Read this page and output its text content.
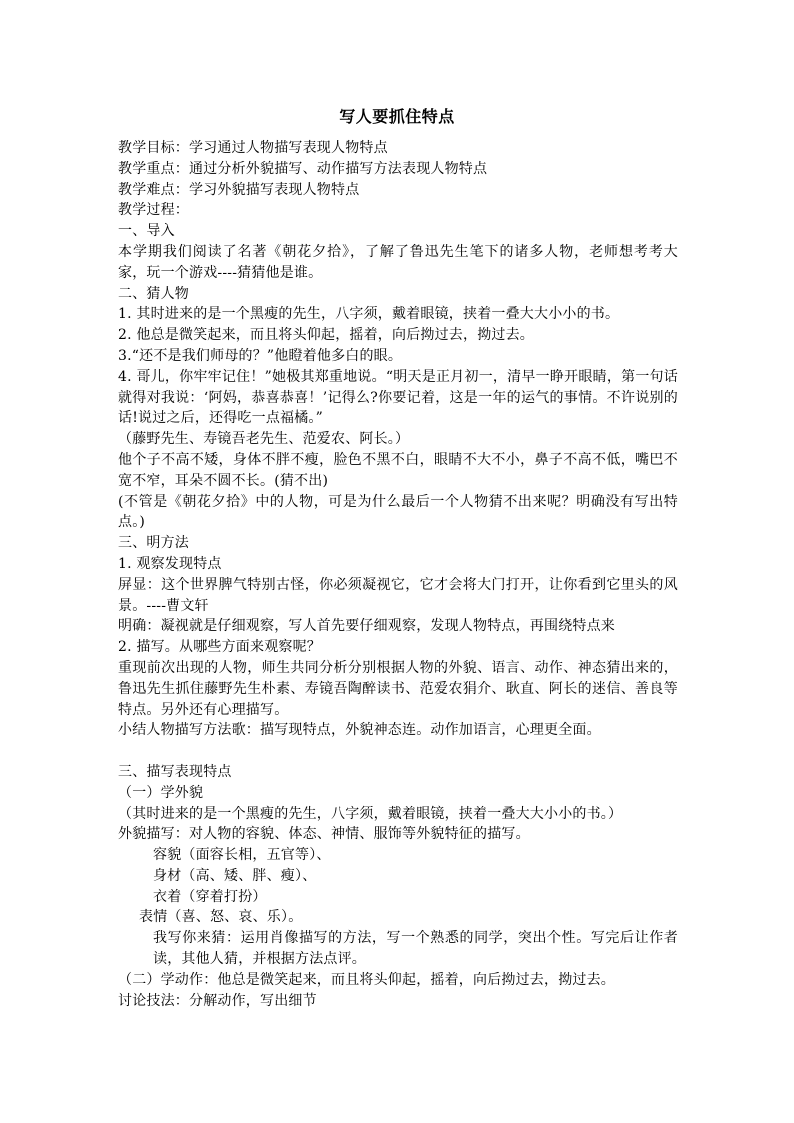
写人要抓住特点

教学目标：学习通过人物描写表现人物特点

教学重点：通过分析外貌描写、动作描写方法表现人物特点

教学难点：学习外貌描写表现人物特点

教学过程：

一、导入

本学期我们阅读了名著《朝花夕拾》，了解了鲁迅先生笔下的诸多人物，老师想考考大家，玩一个游戏----猜猜他是谁。

二、猜人物

1. 其时进来的是一个黑瘦的先生，八字须，戴着眼镜，挟着一叠大大小小的书。

2. 他总是微笑起来，而且将头仰起，摇着，向后拗过去，拗过去。

3.“还不是我们师母的？”他瞪着他多白的眼。

4. 哥儿，你牢牢记住！”她极其郑重地说。“明天是正月初一，清早一睁开眼睛，第一句话就得对我说：‘阿妈，恭喜恭喜！’记得么?你要记着，这是一年的运气的事情。不许说别的话!说过之后，还得吃一点福橘。”

（藤野先生、寿镜吾老先生、范爱农、阿长。）

他个子不高不矮，身体不胖不瘦，脸色不黑不白，眼睛不大不小，鼻子不高不低，嘴巴不宽不窄，耳朵不圆不长。(猜不出)

(不管是《朝花夕拾》中的人物，可是为什么最后一个人物猜不出来呢？明确没有写出特点。)

三、明方法

1. 观察发现特点

屏显：这个世界脾气特别古怪，你必须凝视它，它才会将大门打开，让你看到它里头的风景。----曹文轩

明确：凝视就是仔细观察，写人首先要仔细观察，发现人物特点，再围绕特点来

2. 描写。从哪些方面来观察呢？

重现前次出现的人物，师生共同分析分别根据人物的外貌、语言、动作、神态猜出来的，鲁迅先生抓住藤野先生朴素、寿镜吾陶醉读书、范爱农狷介、耿直、阿长的迷信、善良等特点。另外还有心理描写。

小结人物描写方法歌：描写现特点，外貌神态连。动作加语言，心理更全面。

三、描写表现特点

（一）学外貌

（其时进来的是一个黑瘦的先生，八字须，戴着眼镜，挟着一叠大大小小的书。）

外貌描写：对人物的容貌、体态、神情、服饰等外貌特征的描写。

容貌（面容长相，五官等）、

身材（高、矮、胖、瘦）、

衣着（穿着打扮）

表情（喜、怒、哀、乐）。

我写你来猜：运用肖像描写的方法，写一个熟悉的同学，突出个性。写完后让作者读，其他人猜，并根据方法点评。

（二）学动作：他总是微笑起来，而且将头仰起，摇着，向后拗过去，拗过去。

讨论技法：分解动作，写出细节
